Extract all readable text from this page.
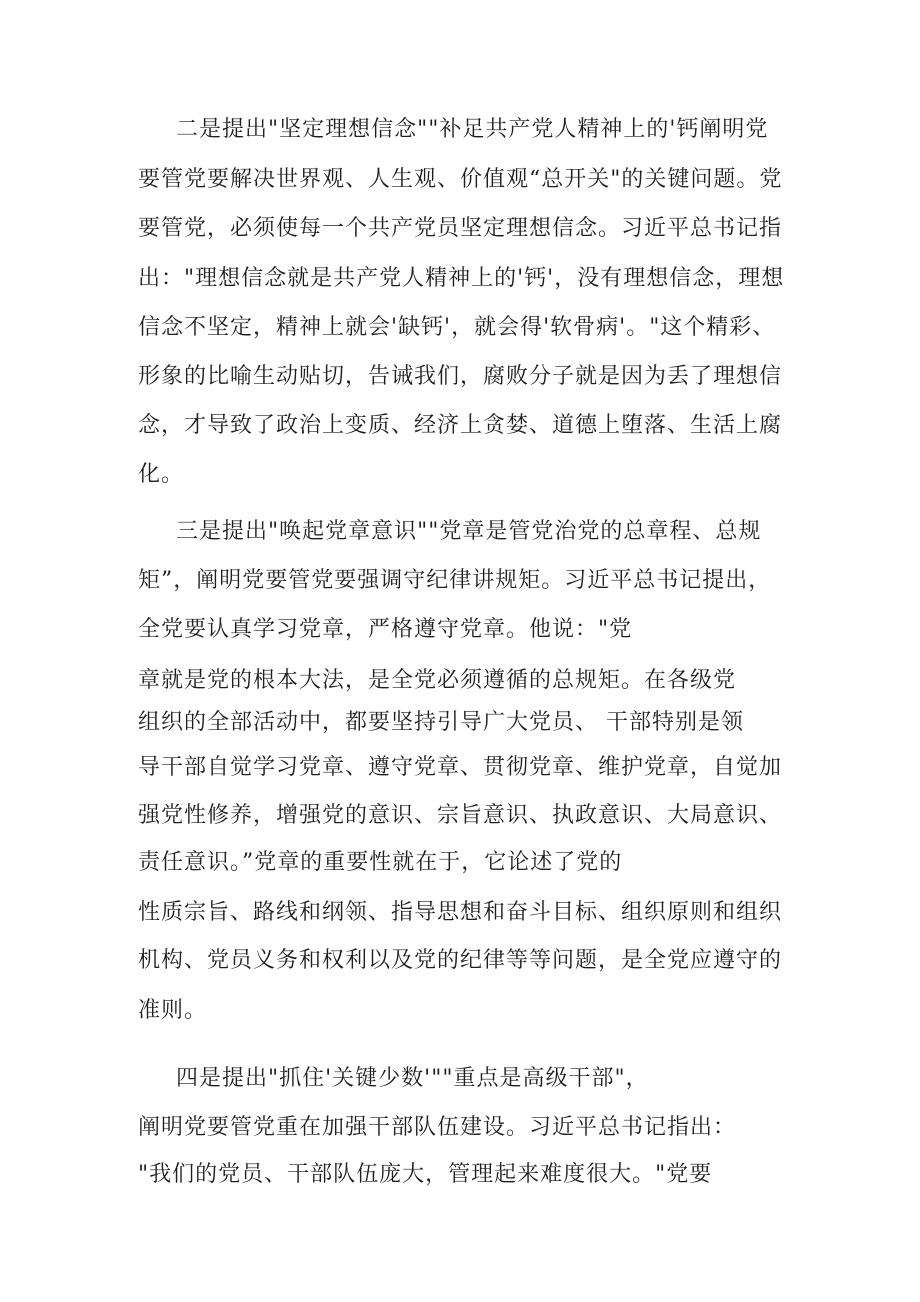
二是提出"坚定理想信念""补足共产党人精神上的'钙阐明党
要管党要解决世界观、人生观、价值观“总开关"的关键问题。党
要管党，必须使每一个共产党员坚定理想信念。习近平总书记指
出："理想信念就是共产党人精神上的'钙'，没有理想信念，理想
信念不坚定，精神上就会'缺钙'，就会得'软骨病'。"这个精彩、
形象的比喻生动贴切，告诫我们，腐败分子就是因为丢了理想信
念，才导致了政治上变质、经济上贪婪、道德上堕落、生活上腐
化。
三是提出"唤起党章意识""党章是管党治党的总章程、总规
矩”，阐明党要管党要强调守纪律讲规矩。习近平总书记提出，
全党要认真学习党章，严格遵守党章。他说："党
章就是党的根本大法，是全党必须遵循的总规矩。在各级党
组织的全部活动中，都要坚持引导广大党员、 干部特别是领
导干部自觉学习党章、遵守党章、贯彻党章、维护党章，自觉加
强党性修养，增强党的意识、宗旨意识、执政意识、大局意识、
责任意识。”党章的重要性就在于，它论述了党的
性质宗旨、路线和纲领、指导思想和奋斗目标、组织原则和组织
机构、党员义务和权利以及党的纪律等等问题，是全党应遵守的
准则。
四是提出"抓住'关键少数'""重点是高级干部"，
阐明党要管党重在加强干部队伍建设。习近平总书记指出：
"我们的党员、干部队伍庞大，管理起来难度很大。"党要
